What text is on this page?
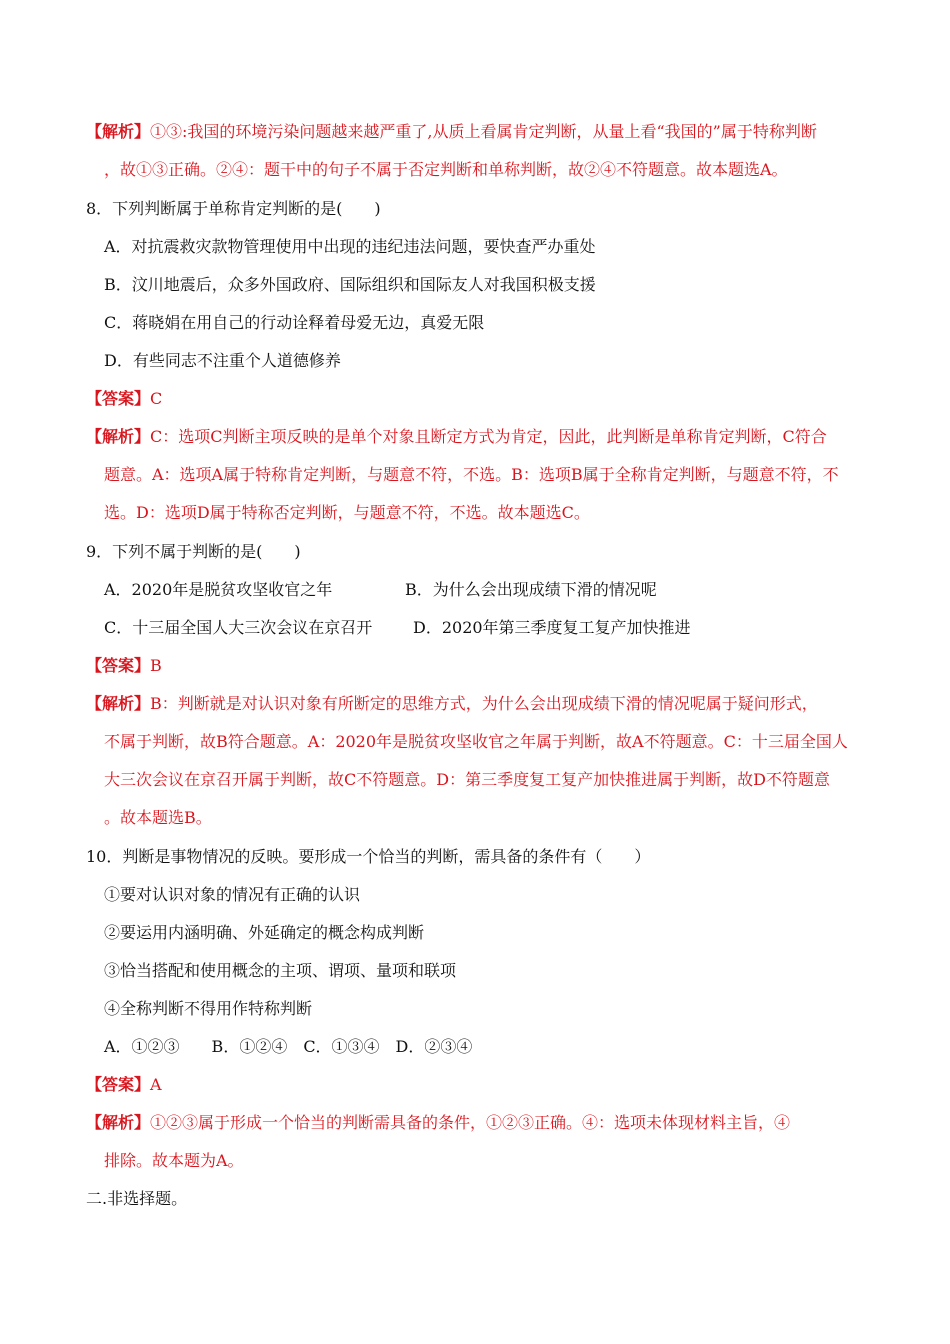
【解析】①③:我国的环境污染问题越来越严重了,从质上看属肯定判断，从量上看“我国的”属于特称判断
，故①③正确。②④：题干中的句子不属于否定判断和单称判断，故②④不符题意。故本题选A。
8．下列判断属于单称肯定判断的是(　　)
A．对抗震救灾款物管理使用中出现的违纪违法问题，要快查严办重处
B．汶川地震后，众多外国政府、国际组织和国际友人对我国积极支援
C．蒋晓娟在用自己的行动诠释着母爱无边，真爱无限
D．有些同志不注重个人道德修养
【答案】C
【解析】C：选项C判断主项反映的是单个对象且断定方式为肯定，因此，此判断是单称肯定判断，C符合
题意。A：选项A属于特称肯定判断，与题意不符，不选。B：选项B属于全称肯定判断，与题意不符，不
选。D：选项D属于特称否定判断，与题意不符，不选。故本题选C。
9．下列不属于判断的是(　　)
A．2020年是脱贫攻坚收官之年	B．为什么会出现成绩下滑的情况呢
C．十三届全国人大三次会议在京召开	D．2020年第三季度复工复产加快推进
【答案】B
【解析】B：判断就是对认识对象有所断定的思维方式，为什么会出现成绩下滑的情况呢属于疑问形式，
不属于判断，故B符合题意。A：2020年是脱贫攻坚收官之年属于判断，故A不符题意。C：十三届全国人
大三次会议在京召开属于判断，故C不符题意。D：第三季度复工复产加快推进属于判断，故D不符题意
。故本题选B。
10．判断是事物情况的反映。要形成一个恰当的判断，需具备的条件有（　　）
①要对认识对象的情况有正确的认识
②要运用内涵明确、外延确定的概念构成判断
③恰当搭配和使用概念的主项、谓项、量项和联项
④全称判断不得用作特称判断
A．①②③　　B．①②④　C．①③④　D．②③④
【答案】A
【解析】①②③属于形成一个恰当的判断需具备的条件，①②③正确。④：选项未体现材料主旨，④
排除。故本题为A。
二.非选择题。
